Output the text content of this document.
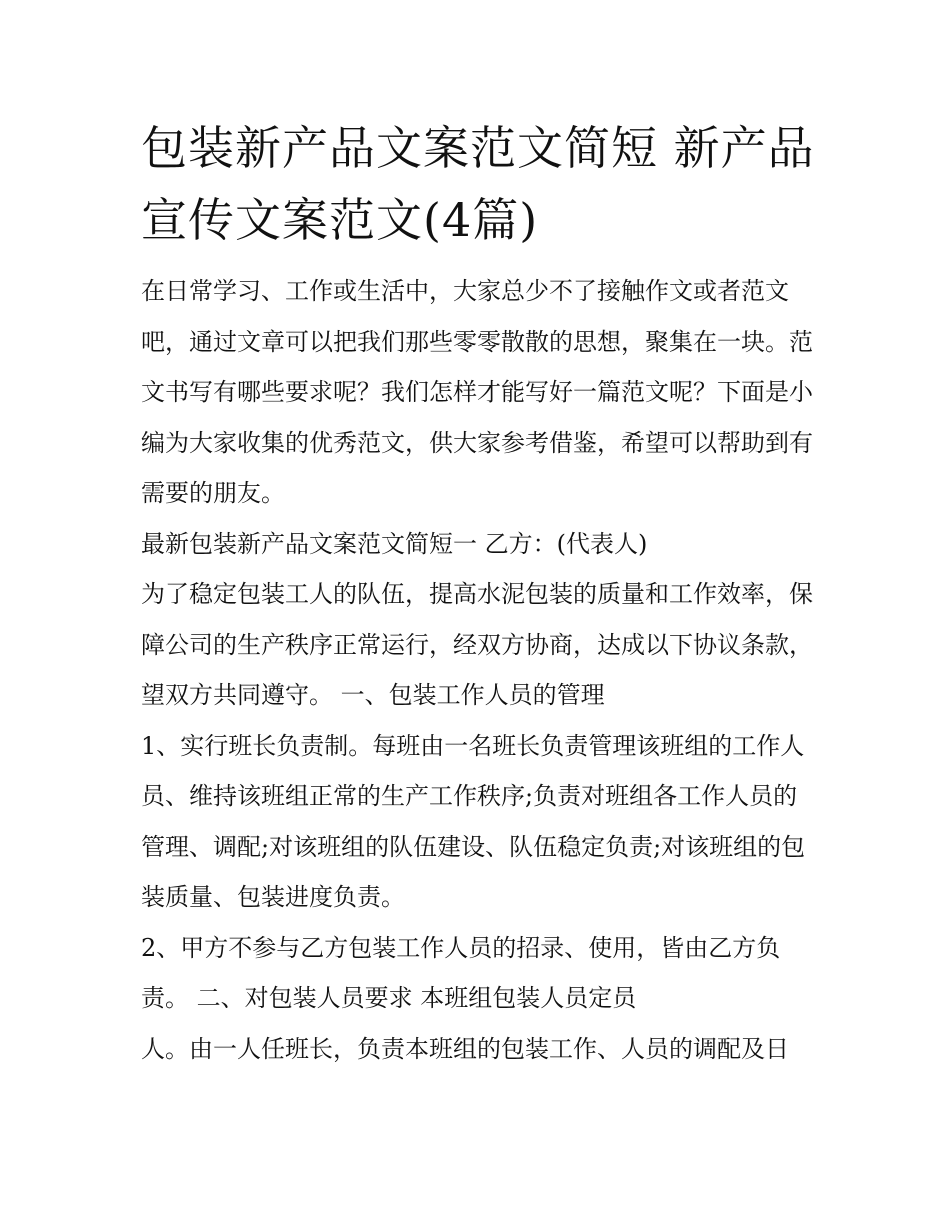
包装新产品文案范文简短 新产品宣传文案范文(4篇)

在日常学习、工作或生活中，大家总少不了接触作文或者范文吧，通过文章可以把我们那些零零散散的思想，聚集在一块。范文书写有哪些要求呢？我们怎样才能写好一篇范文呢？下面是小编为大家收集的优秀范文，供大家参考借鉴，希望可以帮助到有需要的朋友。

最新包装新产品文案范文简短一 乙方：(代表人)

为了稳定包装工人的队伍，提高水泥包装的质量和工作效率，保障公司的生产秩序正常运行，经双方协商，达成以下协议条款，望双方共同遵守。 一、包装工作人员的管理

1、实行班长负责制。每班由一名班长负责管理该班组的工作人员、维持该班组正常的生产工作秩序;负责对班组各工作人员的管理、调配;对该班组的队伍建设、队伍稳定负责;对该班组的包装质量、包装进度负责。

2、甲方不参与乙方包装工作人员的招录、使用，皆由乙方负责。 二、对包装人员要求 本班组包装人员定员

人。由一人任班长，负责本班组的包装工作、人员的调配及日
